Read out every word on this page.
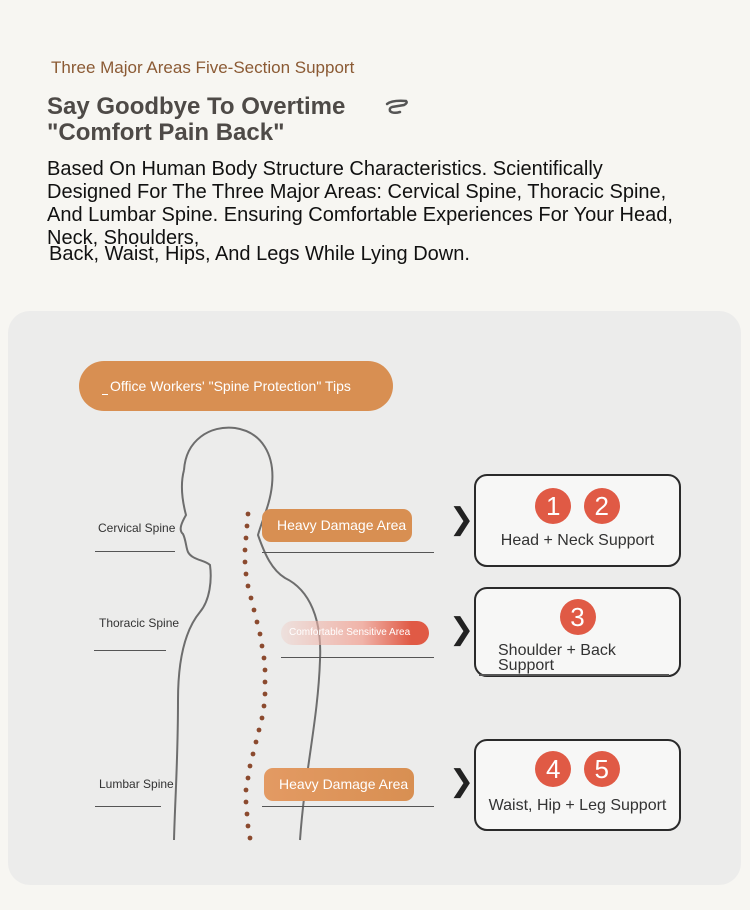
Three Major Areas Five-Section Support
Say Goodbye To Overtime
"Comfort Pain Back"
Based On Human Body Structure Characteristics. Scientifically
Designed For The Three Major Areas: Cervical Spine, Thoracic Spine,
And Lumbar Spine. Ensuring Comfortable Experiences For Your Head,
Neck, Shoulders,
Back, Waist, Hips, And Legs While Lying Down.
Office Workers' "Spine Protection" Tips
Cervical Spine	Heavy Damage Area ❯	1 2
Head + Neck Support
Thoracic Spine
Comfortable Sensitive Area	❯	3
Shoulder + Back
Support
Lumbar Spine	Heavy Damage Area ❯	4 5
Waist, Hip + Leg Support
